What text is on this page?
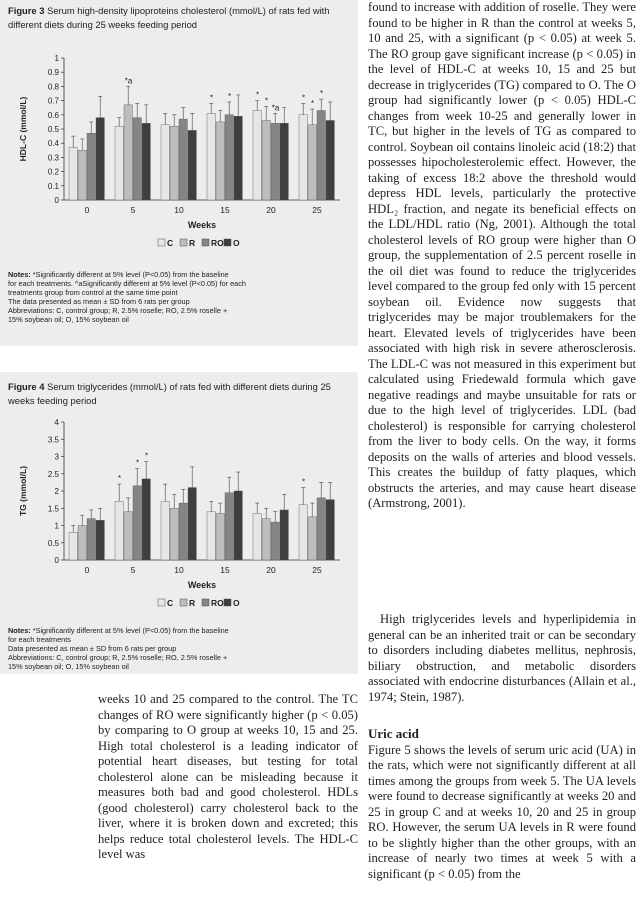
Figure 3 Serum high-density lipoproteins cholesterol (mmol/L) of rats fed with different diets during 25 weeks feeding period
0
0.1
0.2
0.3
0.4
0.5
0.6
0.7
0.8
0.9
1
HDL-C (mmol/L)
0	5	10	15	20	25
*a
* *	*
*
*a
*
*
*
Weeks
C R RO O
Notes: *Significantly different at 5% level (P<0.05) from the baseline
for each treatments. ^aSignificantly different at 5% level (P<0.05) for each
treatments group from control at the same time point
The data presented as mean ± SD from 6 rats per group
Abbreviations: C, control group; R, 2.5% roselle; RO, 2.5% roselle +
15% soybean oil; O, 15% soybean oil
Figure 4 Serum triglycerides (mmol/L) of rats fed with different diets during 25 weeks feeding period
0
0.5
1
1.5
2
2.5
3
3.5
4
TG (mmol/L)
0	5	10	15	20	25
*
*
*
*
Weeks
C R RO O
Notes: *Significantly different at 5% level (P<0.05) from the baseline
for each treatments
Data presented as mean ± SD from 6 rats per group
Abbreviations: C, control group; R, 2.5% roselle; RO, 2.5% roselle +
15% soybean oil; O, 15% soybean oil

found to increase with addition of roselle. They were found to be higher in R than the control at weeks 5, 10 and 25, with a significant (p < 0.05) at week 5. The RO group gave significant increase (p < 0.05) in the level of HDL-C at weeks 10, 15 and 25 but decrease in triglycerides (TG) compared to O. The O group had significantly lower (p < 0.05) HDL-C changes from week 10-25 and generally lower in TC, but higher in the levels of TG as compared to control. Soybean oil contains linoleic acid (18:2) that possesses hipocholesterolemic effect. However, the taking of excess 18:2 above the threshold would depress HDL levels, particularly the protective HDL₂ fraction, and negate its beneficial effects on the LDL/HDL ratio (Ng, 2001). Although the total cholesterol levels of RO group were higher than O group, the supplementation of 2.5 percent roselle in the oil diet was found to reduce the triglycerides level compared to the group fed only with 15 percent soybean oil. Evidence now suggests that triglycerides may be major troublemakers for the heart. Elevated levels of triglycerides have been associated with high risk in severe atherosclerosis. The LDL-C was not measured in this experiment but calculated using Friedewald formula which gave negative readings and maybe unsuitable for rats or due to the high level of triglycerides. LDL (bad cholesterol) is responsible for carrying cholesterol from the liver to body cells. On the way, it forms deposits on the walls of arteries and blood vessels. This creates the buildup of fatty plaques, which obstructs the arteries, and may cause heart disease (Armstrong, 2001).

High triglycerides levels and hyperlipidemia in general can be an inherited trait or can be secondary to disorders including diabetes mellitus, nephrosis, biliary obstruction, and metabolic disorders associated with endocrine disturbances (Allain et al., 1974; Stein, 1987).

Uric acid

Figure 5 shows the levels of serum uric acid (UA) in the rats, which were not significantly different at all times among the groups from week 5. The UA levels were found to decrease significantly at weeks 20 and 25 in group C and at weeks 10, 20 and 25 in group RO. However, the serum UA levels in R were found to be slightly higher than the other groups, with an increase of nearly two times at week 5 with a significant (p < 0.05) from the

weeks 10 and 25 compared to the control. The TC changes of RO were significantly higher (p < 0.05) by comparing to O group at weeks 10, 15 and 25. High total cholesterol is a leading indicator of potential heart diseases, but testing for total cholesterol alone can be misleading because it measures both bad and good cholesterol. HDLs (good cholesterol) carry cholesterol back to the liver, where it is broken down and excreted; this helps reduce total cholesterol levels. The HDL-C level was
